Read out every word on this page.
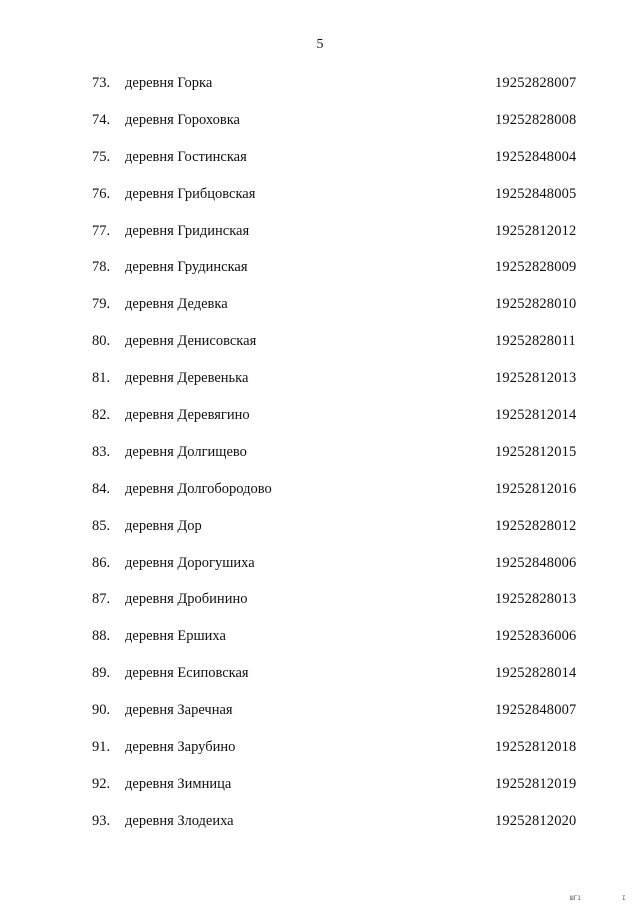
5
73. деревня Горка	19252828007
74. деревня Гороховка	19252828008
75. деревня Гостинская	19252848004
76. деревня Грибцовская	19252848005
77. деревня Гридинская	19252812012
78. деревня Грудинская	19252828009
79. деревня Дедевка	19252828010
80. деревня Денисовская	19252828011
81. деревня Деревенька	19252812013
82. деревня Деревягино	19252812014
83. деревня Долгищево	19252812015
84. деревня Долгобородово	19252812016
85. деревня Дор	19252828012
86. деревня Дорогушиха	19252848006
87. деревня Дробинино	19252828013
88. деревня Ершиха	19252836006
89. деревня Есиповская	19252828014
90. деревня Заречная	19252848007
91. деревня Зарубино	19252812018
92. деревня Зимница	19252812019
93. деревня Злодеиха	19252812020
ШГ1	I
